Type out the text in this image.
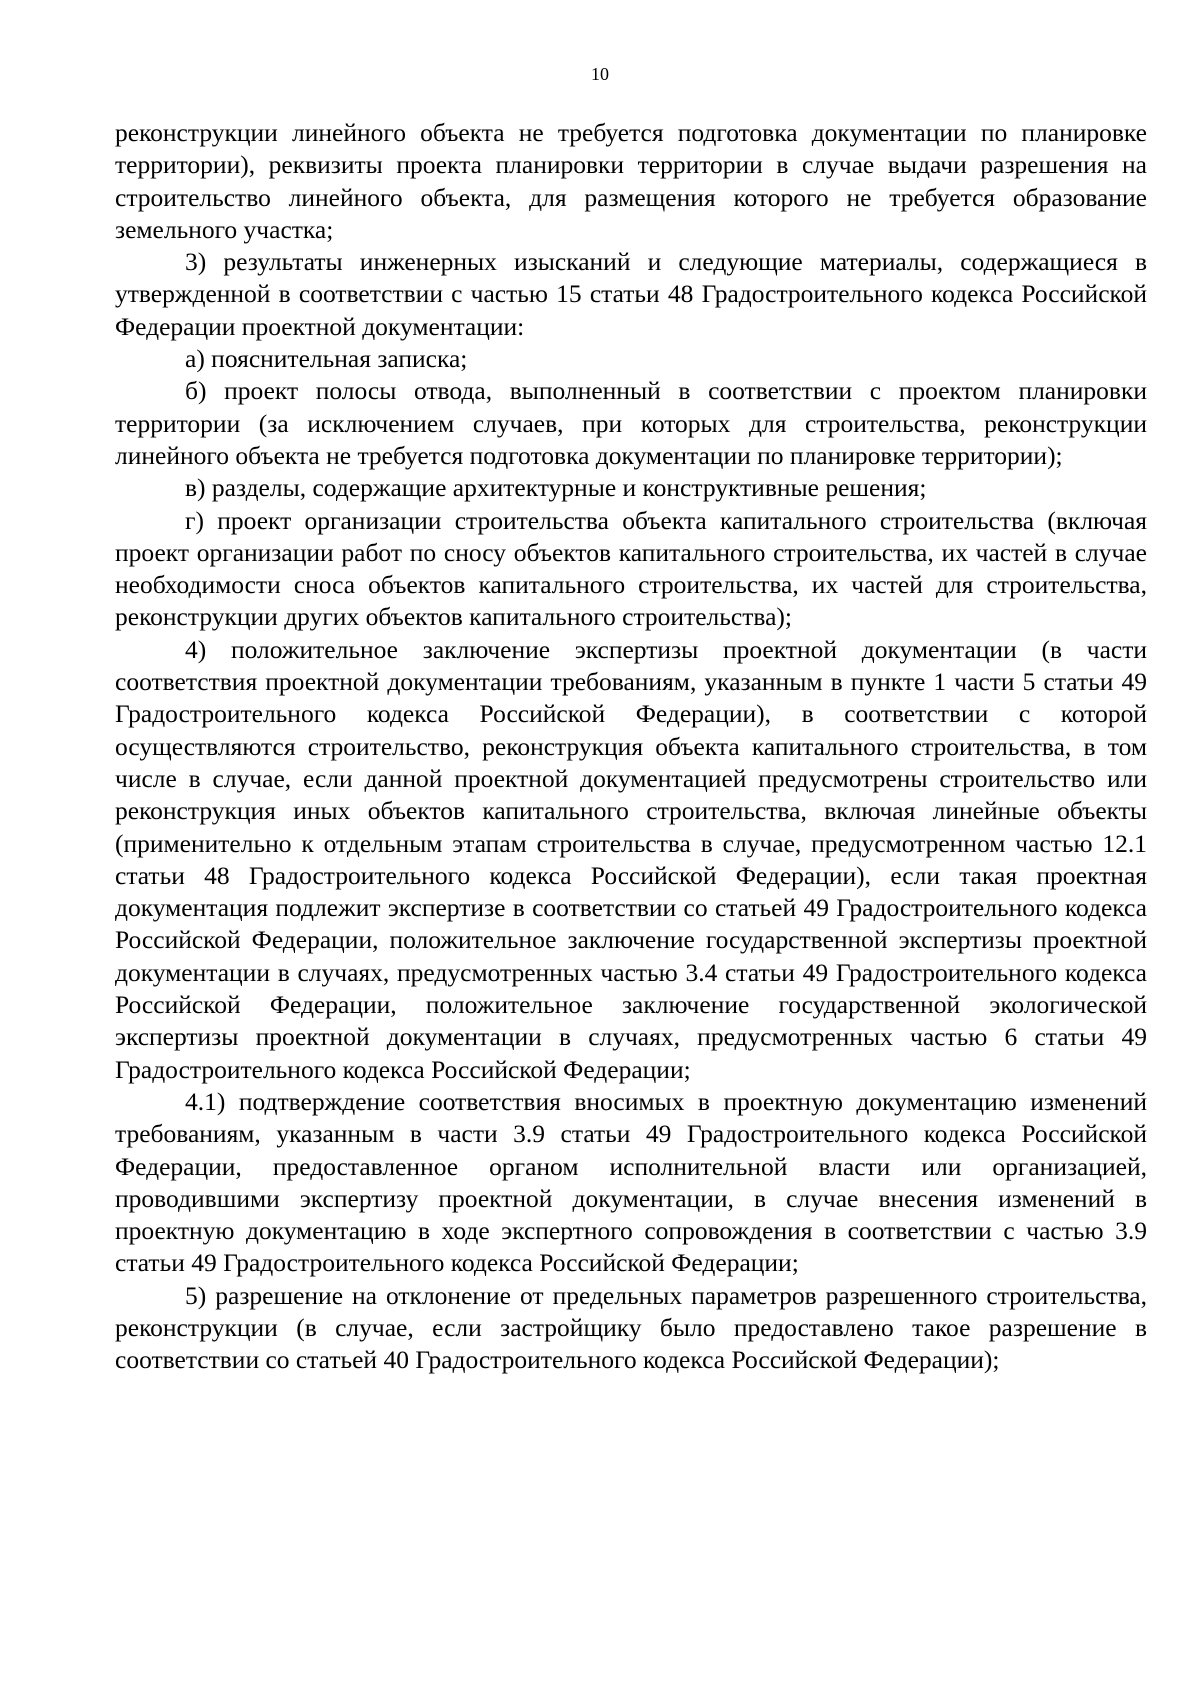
10

реконструкции линейного объекта не требуется подготовка документации по планировке территории), реквизиты проекта планировки территории в случае выдачи разрешения на строительство линейного объекта, для размещения которого не требуется образование земельного участка;

3) результаты инженерных изысканий и следующие материалы, содержащиеся в утвержденной в соответствии с частью 15 статьи 48 Градостроительного кодекса Российской Федерации проектной документации:

а) пояснительная записка;

б) проект полосы отвода, выполненный в соответствии с проектом планировки территории (за исключением случаев, при которых для строительства, реконструкции линейного объекта не требуется подготовка документации по планировке территории);

в) разделы, содержащие архитектурные и конструктивные решения;

г) проект организации строительства объекта капитального строительства (включая проект организации работ по сносу объектов капитального строительства, их частей в случае необходимости сноса объектов капитального строительства, их частей для строительства, реконструкции других объектов капитального строительства);

4) положительное заключение экспертизы проектной документации (в части соответствия проектной документации требованиям, указанным в пункте 1 части 5 статьи 49 Градостроительного кодекса Российской Федерации), в соответствии с которой осуществляются строительство, реконструкция объекта капитального строительства, в том числе в случае, если данной проектной документацией предусмотрены строительство или реконструкция иных объектов капитального строительства, включая линейные объекты (применительно к отдельным этапам строительства в случае, предусмотренном частью 12.1 статьи 48 Градостроительного кодекса Российской Федерации), если такая проектная документация подлежит экспертизе в соответствии со статьей 49 Градостроительного кодекса Российской Федерации, положительное заключение государственной экспертизы проектной документации в случаях, предусмотренных частью 3.4 статьи 49 Градостроительного кодекса Российской Федерации, положительное заключение государственной экологической экспертизы проектной документации в случаях, предусмотренных частью 6 статьи 49 Градостроительного кодекса Российской Федерации;

4.1) подтверждение соответствия вносимых в проектную документацию изменений требованиям, указанным в части 3.9 статьи 49 Градостроительного кодекса Российской Федерации, предоставленное органом исполнительной власти или организацией, проводившими экспертизу проектной документации, в случае внесения изменений в проектную документацию в ходе экспертного сопровождения в соответствии с частью 3.9 статьи 49 Градостроительного кодекса Российской Федерации;

5) разрешение на отклонение от предельных параметров разрешенного строительства, реконструкции (в случае, если застройщику было предоставлено такое разрешение в соответствии со статьей 40 Градостроительного кодекса Российской Федерации);
